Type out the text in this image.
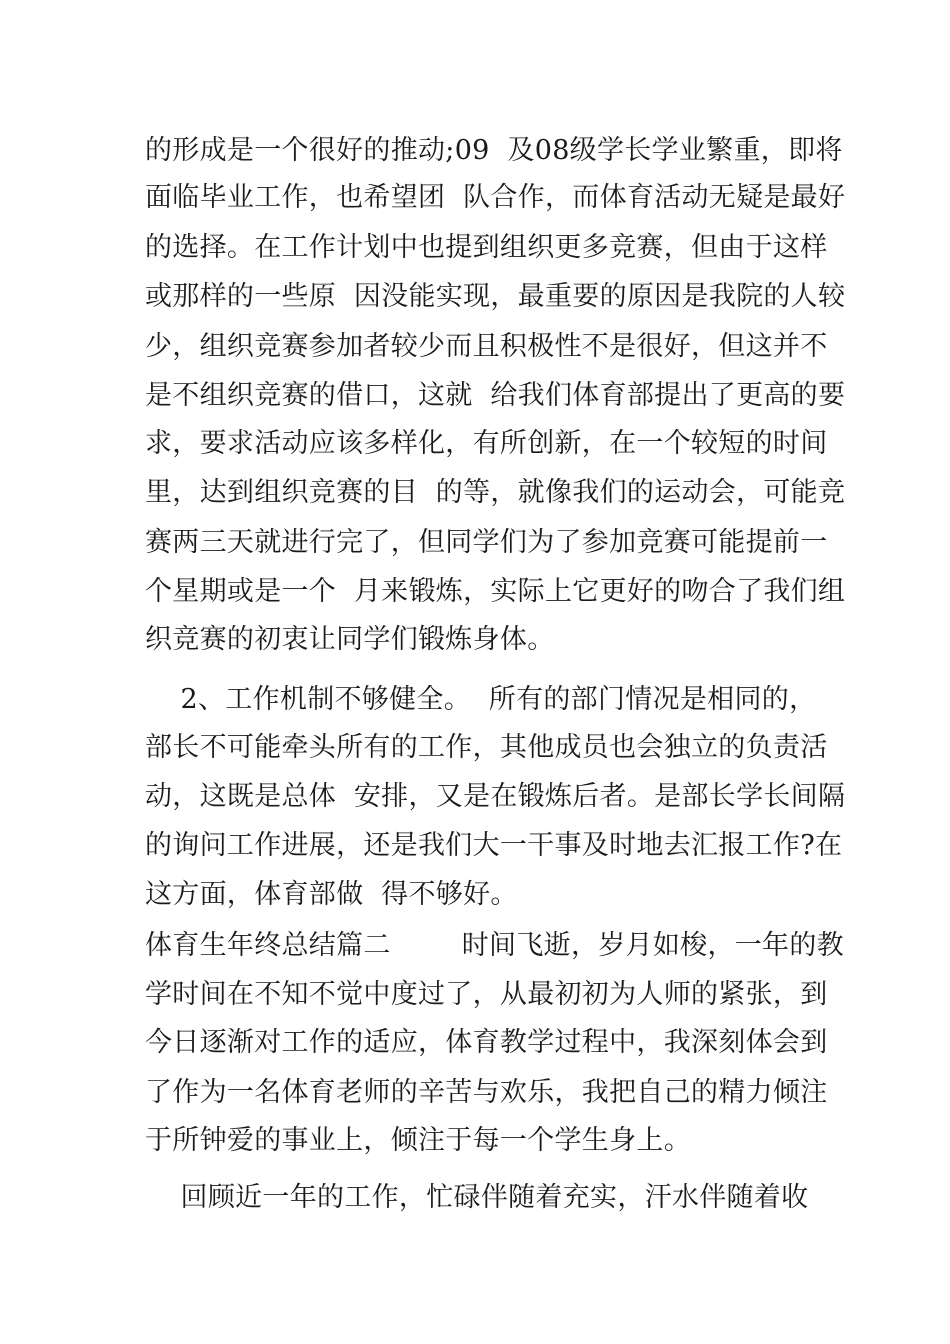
的形成是一个很好的推动;09  及08级学长学业繁重，即将
面临毕业工作，也希望团  队合作，而体育活动无疑是最好
的选择。在工作计划中也提到组织更多竞赛，但由于这样
或那样的一些原  因没能实现，最重要的原因是我院的人较
少，组织竞赛参加者较少而且积极性不是很好，但这并不
是不组织竞赛的借口，这就  给我们体育部提出了更高的要
求，要求活动应该多样化，有所创新，在一个较短的时间
里，达到组织竞赛的目  的等，就像我们的运动会，可能竞
赛两三天就进行完了，但同学们为了参加竞赛可能提前一
个星期或是一个  月来锻炼，实际上它更好的吻合了我们组
织竞赛的初衷让同学们锻炼身体。
2、工作机制不够健全。  所有的部门情况是相同的，
部长不可能牵头所有的工作，其他成员也会独立的负责活
动，这既是总体  安排，又是在锻炼后者。是部长学长间隔
的询问工作进展，还是我们大一干事及时地去汇报工作?在
这方面，体育部做  得不够好。
体育生年终总结篇二        时间飞逝，岁月如梭，一年的教
学时间在不知不觉中度过了，从最初初为人师的紧张，到
今日逐渐对工作的适应，体育教学过程中，我深刻体会到
了作为一名体育老师的辛苦与欢乐，我把自己的精力倾注
于所钟爱的事业上，倾注于每一个学生身上。
回顾近一年的工作，忙碌伴随着充实，汗水伴随着收
